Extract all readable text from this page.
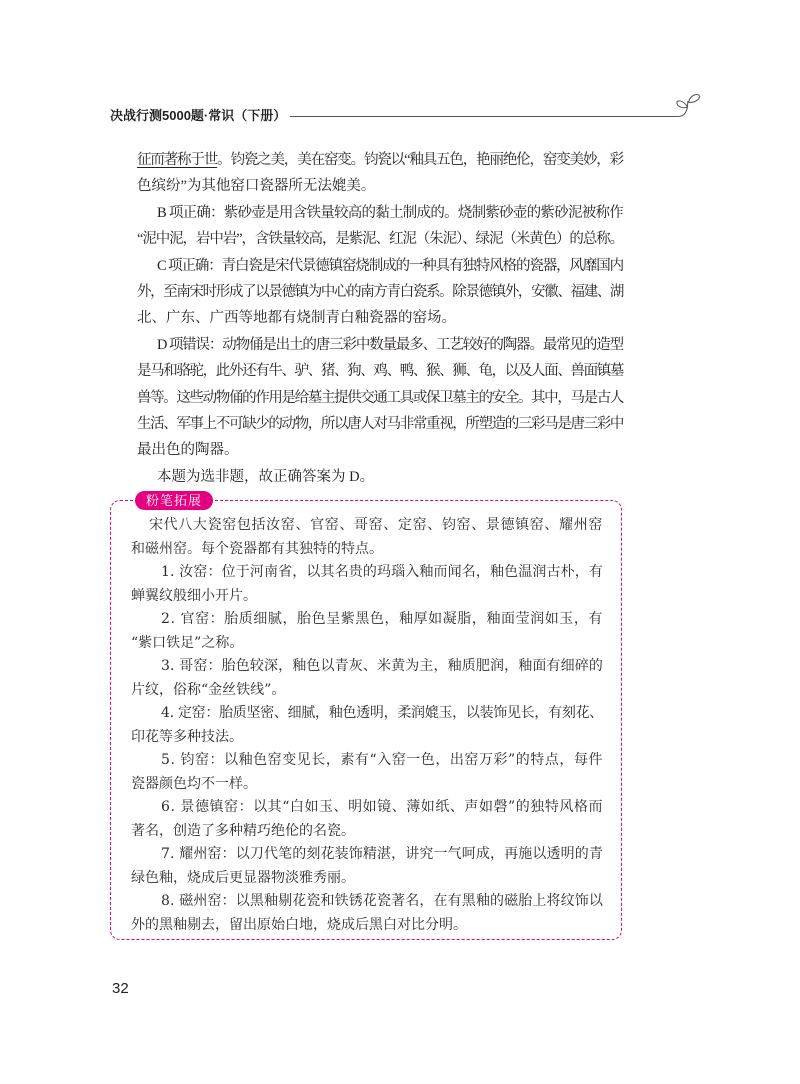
决战行测5000题·常识（下册）
征而著称于世。钧瓷之美，美在窑变。钧瓷以“釉具五色，艳丽绝伦，窑变美妙，彩
色缤纷”为其他窑口瓷器所无法媲美。
B 项正确：紫砂壶是用含铁量较高的黏土制成的。烧制紫砂壶的紫砂泥被称作
“泥中泥，岩中岩”，含铁量较高，是紫泥、红泥（朱泥）、绿泥（米黄色）的总称。
C 项正确：青白瓷是宋代景德镇窑烧制成的一种具有独特风格的瓷器，风靡国内
外，至南宋时形成了以景德镇为中心的南方青白瓷系。除景德镇外，安徽、福建、湖
北、广东、广西等地都有烧制青白釉瓷器的窑场。
D 项错误：动物俑是出土的唐三彩中数量最多、工艺较好的陶器。最常见的造型
是马和骆驼，此外还有牛、驴、猪、狗、鸡、鸭、猴、狮、龟，以及人面、兽面镇墓
兽等。这些动物俑的作用是给墓主提供交通工具或保卫墓主的安全。其中，马是古人
生活、军事上不可缺少的动物，所以唐人对马非常重视，所塑造的三彩马是唐三彩中
最出色的陶器。
本题为选非题，故正确答案为 D。
宋代八大瓷窑包括汝窑、官窑、哥窑、定窑、钧窑、景德镇窑、耀州窑
和磁州窑。每个瓷器都有其独特的特点。
1. 汝窑：位于河南省，以其名贵的玛瑙入釉而闻名，釉色温润古朴，有
蝉翼纹般细小开片。
2. 官窑：胎质细腻，胎色呈紫黑色，釉厚如凝脂，釉面莹润如玉，有
“紫口铁足”之称。
3. 哥窑：胎色较深，釉色以青灰、米黄为主，釉质肥润，釉面有细碎的
片纹，俗称“金丝铁线”。
4. 定窑：胎质坚密、细腻，釉色透明，柔润媲玉，以装饰见长，有刻花、
印花等多种技法。
5. 钧窑：以釉色窑变见长，素有“入窑一色，出窑万彩”的特点，每件
瓷器颜色均不一样。
6. 景德镇窑：以其“白如玉、明如镜、薄如纸、声如磬”的独特风格而
著名，创造了多种精巧绝伦的名瓷。
7. 耀州窑：以刀代笔的刻花装饰精湛，讲究一气呵成，再施以透明的青
绿色釉，烧成后更显器物淡雅秀丽。
8. 磁州窑：以黑釉剔花瓷和铁锈花瓷著名，在有黑釉的磁胎上将纹饰以
外的黑釉剔去，留出原始白地，烧成后黑白对比分明。
粉笔拓展
32
